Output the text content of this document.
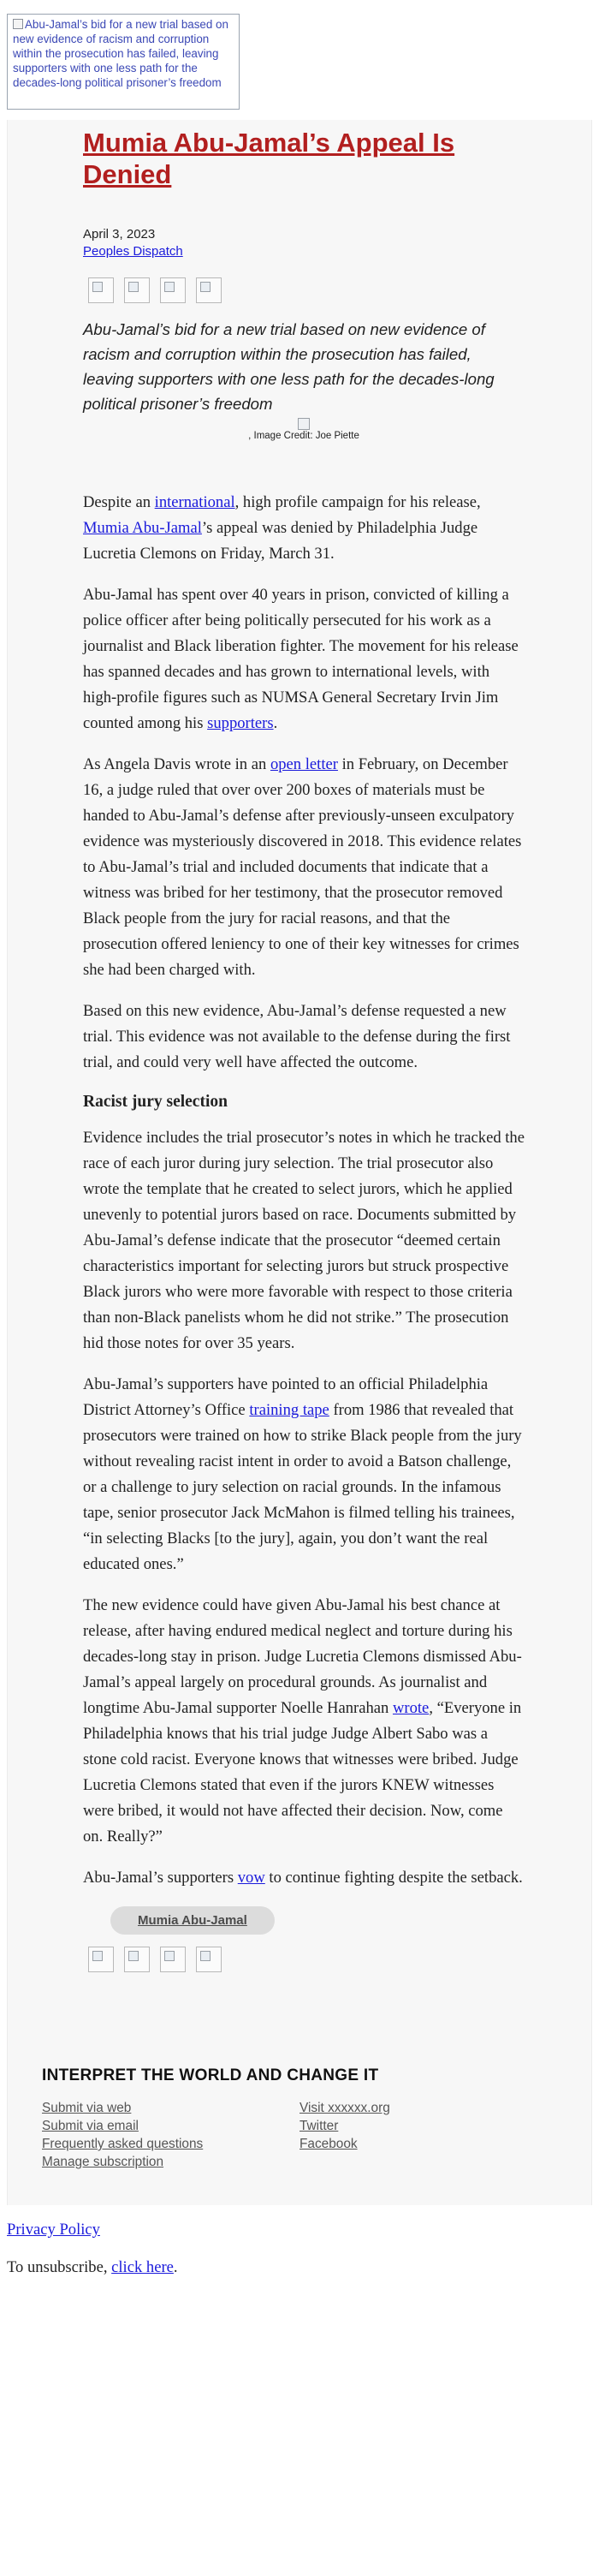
Abu-Jamal’s bid for a new trial based on new evidence of racism and corruption within the prosecution has failed, leaving supporters with one less path for the decades-long political prisoner’s freedom
Mumia Abu-Jamal’s Appeal Is Denied
April 3, 2023
Peoples Dispatch
Abu-Jamal’s bid for a new trial based on new evidence of racism and corruption within the prosecution has failed, leaving supporters with one less path for the decades-long political prisoner’s freedom
, Image Credit: Joe Piette

Despite an international, high profile campaign for his release, Mumia Abu-Jamal’s appeal was denied by Philadelphia Judge Lucretia Clemons on Friday, March 31.

Abu-Jamal has spent over 40 years in prison, convicted of killing a police officer after being politically persecuted for his work as a journalist and Black liberation fighter. The movement for his release has spanned decades and has grown to international levels, with high-profile figures such as NUMSA General Secretary Irvin Jim counted among his supporters.

As Angela Davis wrote in an open letter in February, on December 16, a judge ruled that over over 200 boxes of materials must be handed to Abu-Jamal’s defense after previously-unseen exculpatory evidence was mysteriously discovered in 2018. This evidence relates to Abu-Jamal’s trial and included documents that indicate that a witness was bribed for her testimony, that the prosecutor removed Black people from the jury for racial reasons, and that the prosecution offered leniency to one of their key witnesses for crimes she had been charged with.

Based on this new evidence, Abu-Jamal’s defense requested a new trial. This evidence was not available to the defense during the first trial, and could very well have affected the outcome.

Racist jury selection

Evidence includes the trial prosecutor’s notes in which he tracked the race of each juror during jury selection. The trial prosecutor also wrote the template that he created to select jurors, which he applied unevenly to potential jurors based on race. Documents submitted by Abu-Jamal’s defense indicate that the prosecutor “deemed certain characteristics important for selecting jurors but struck prospective Black jurors who were more favorable with respect to those criteria than non-Black panelists whom he did not strike.” The prosecution hid those notes for over 35 years.

Abu-Jamal’s supporters have pointed to an official Philadelphia District Attorney’s Office training tape from 1986 that revealed that prosecutors were trained on how to strike Black people from the jury without revealing racist intent in order to avoid a Batson challenge, or a challenge to jury selection on racial grounds. In the infamous tape, senior prosecutor Jack McMahon is filmed telling his trainees, “in selecting Blacks [to the jury], again, you don’t want the real educated ones.”

The new evidence could have given Abu-Jamal his best chance at release, after having endured medical neglect and torture during his decades-long stay in prison. Judge Lucretia Clemons dismissed Abu-Jamal’s appeal largely on procedural grounds. As journalist and longtime Abu-Jamal supporter Noelle Hanrahan wrote, “Everyone in Philadelphia knows that his trial judge Judge Albert Sabo was a stone cold racist. Everyone knows that witnesses were bribed. Judge Lucretia Clemons stated that even if the jurors KNEW witnesses were bribed, it would not have affected their decision. Now, come on. Really?”

Abu-Jamal’s supporters vow to continue fighting despite the setback.

Mumia Abu-Jamal
INTERPRET THE WORLD AND CHANGE IT
Submit via web
Submit via email
Frequently asked questions
Manage subscription
Visit xxxxxx.org
Twitter
Facebook
Privacy Policy
To unsubscribe, click here.
